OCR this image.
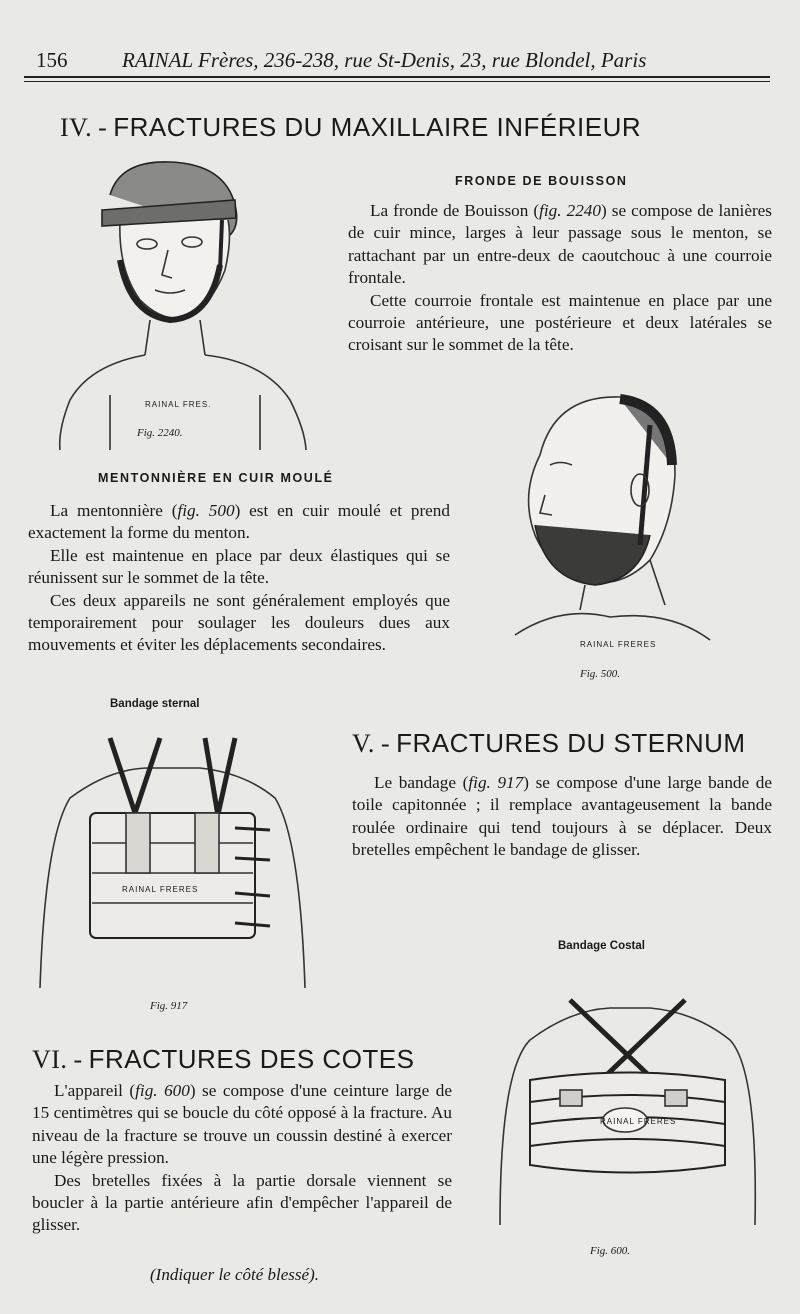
156	RAINAL Frères, 236-238, rue St-Denis, 23, rue Blondel, Paris
IV. - FRACTURES DU MAXILLAIRE INFÉRIEUR
RAINAL FRES.
Fig. 2240.
FRONDE DE BOUISSON

La fronde de Bouisson (fig. 2240) se compose de lanières de cuir mince, larges à leur passage sous le menton, se rattachant par un entre-deux de caoutchouc à une courroie frontale.

Cette courroie frontale est maintenue en place par une courroie antérieure, une postérieure et deux latérales se croisant sur le sommet de la tête.

RAINAL FRERES
Fig. 500.
MENTONNIÈRE EN CUIR MOULÉ

La mentonnière (fig. 500) est en cuir moulé et prend exactement la forme du menton.

Elle est maintenue en place par deux élastiques qui se réunissent sur le sommet de la tête.

Ces deux appareils ne sont généralement employés que temporairement pour soulager les douleurs dues aux mouvements et éviter les déplacements secondaires.

Bandage sternal
RAINAL FRERES
Fig. 917
V. - FRACTURES DU STERNUM

Le bandage (fig. 917) se compose d'une large bande de toile capitonnée ; il remplace avantageusement la bande roulée ordinaire qui tend toujours à se déplacer. Deux bretelles empêchent le bandage de glisser.

Bandage Costal
RAINAL FRERES
Fig. 600.
VI. - FRACTURES DES COTES

L'appareil (fig. 600) se compose d'une ceinture large de 15 centimètres qui se boucle du côté opposé à la fracture. Au niveau de la fracture se trouve un coussin destiné à exercer une légère pression.

Des bretelles fixées à la partie dorsale viennent se boucler à la partie antérieure afin d'empêcher l'appareil de glisser.

(Indiquer le côté blessé).
